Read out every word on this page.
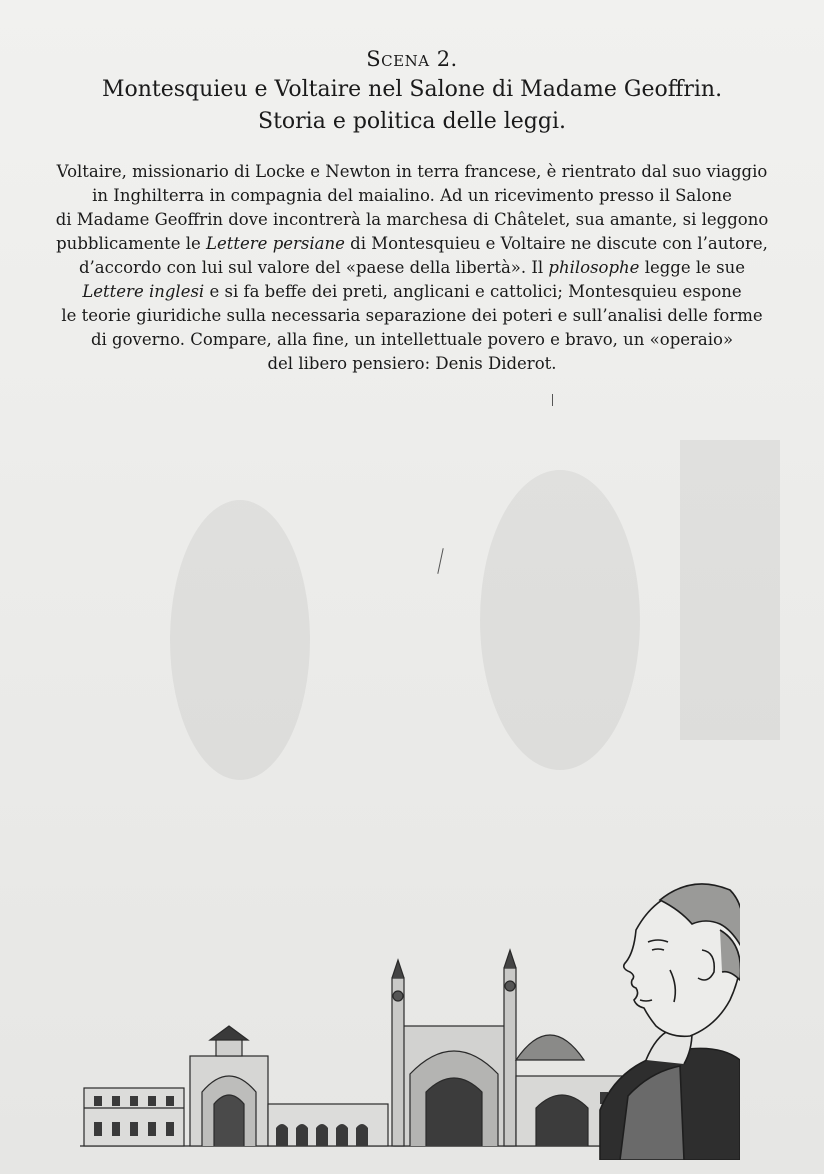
Scena 2.
Montesquieu e Voltaire nel Salone di Madame Geoffrin.
Storia e politica delle leggi.
Voltaire, missionario di Locke e Newton in terra francese, è rientrato dal suo viaggio
in Inghilterra in compagnia del maialino. Ad un ricevimento presso il Salone
di Madame Geoffrin dove incontrerà la marchesa di Châtelet, sua amante, si leggono
pubblicamente le Lettere persiane di Montesquieu e Voltaire ne discute con l’autore,
d’accordo con lui sul valore del «paese della libertà». Il philosophe legge le sue
Lettere inglesi e si fa beffe dei preti, anglicani e cattolici; Montesquieu espone
le teorie giuridiche sulla necessaria separazione dei poteri e sull’analisi delle forme
di governo. Compare, alla fine, un intellettuale povero e bravo, un «operaio»
del libero pensiero: Denis Diderot.
